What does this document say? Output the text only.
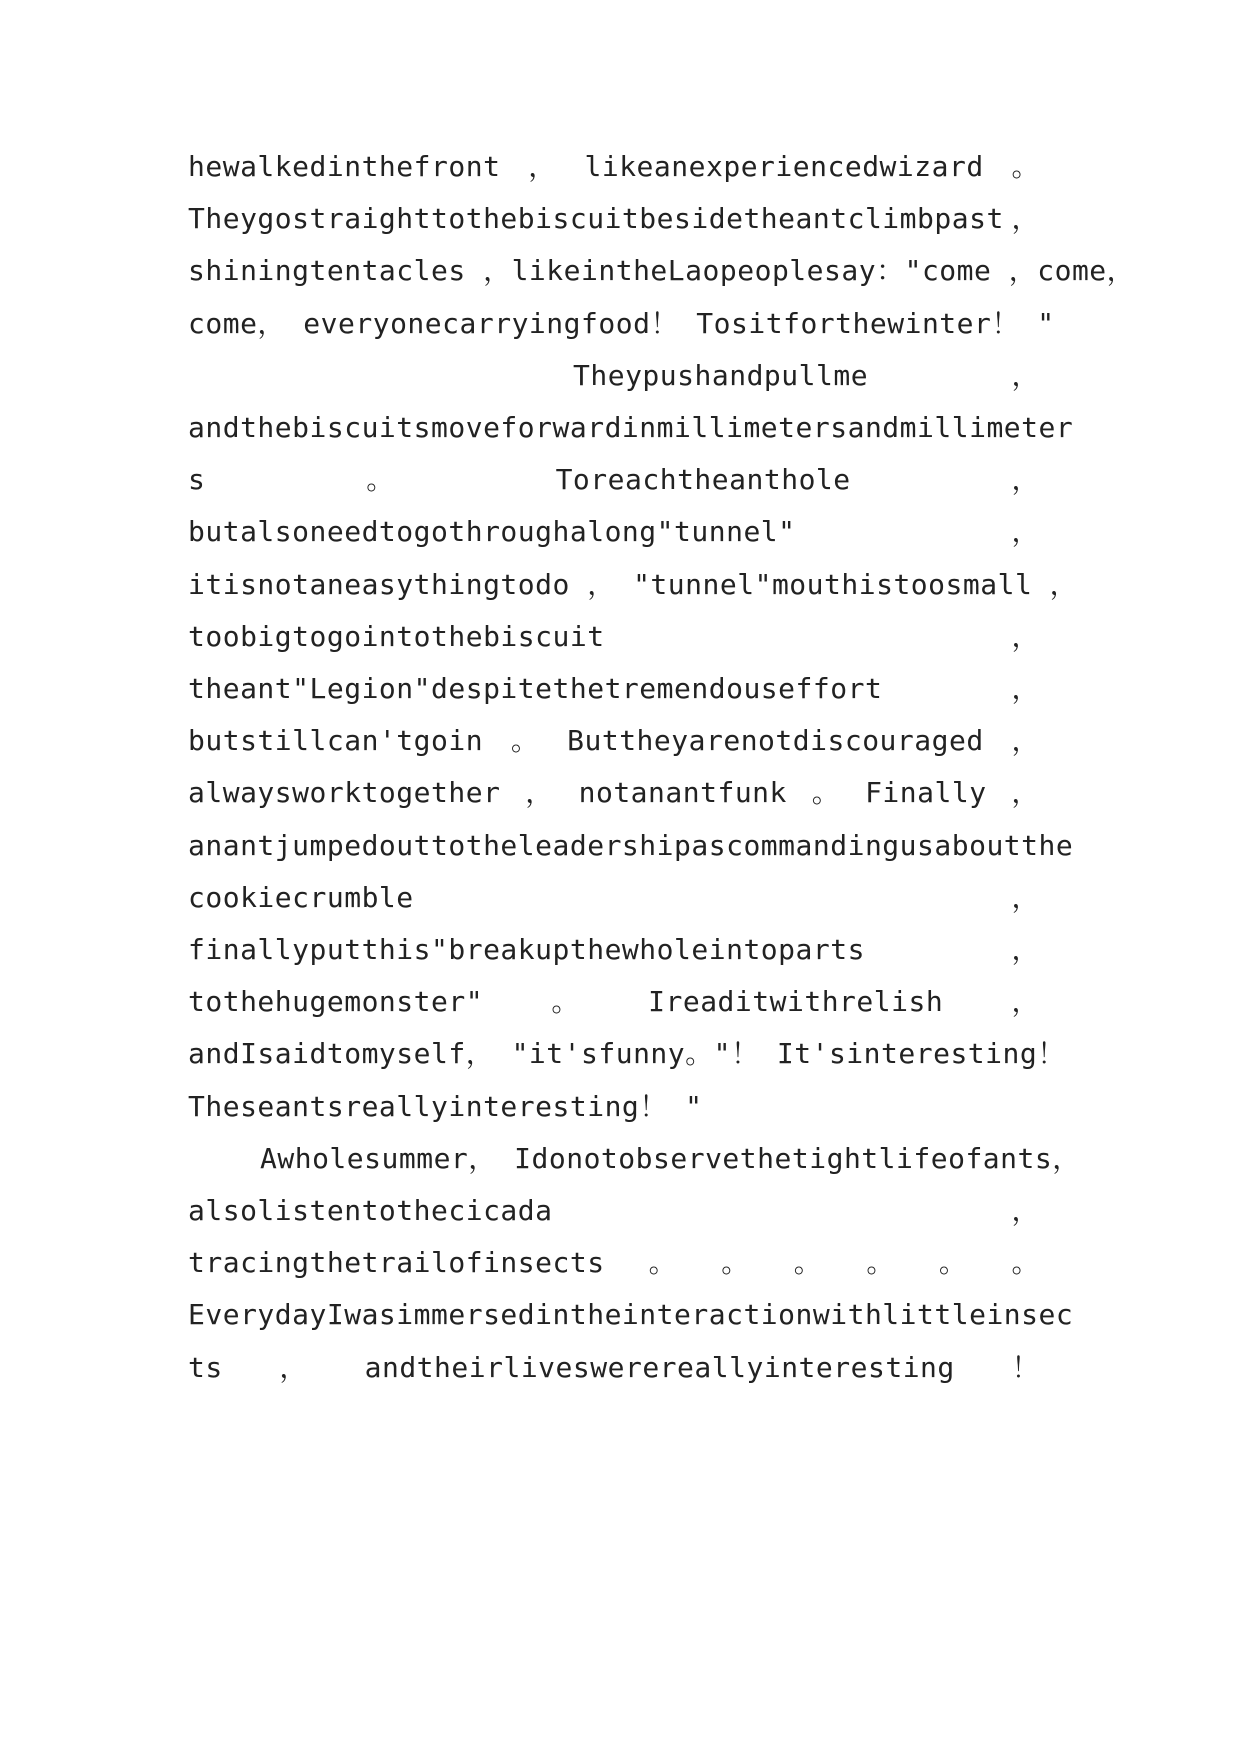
hewalkedinthefront ， likeanexperiencedwizard 。
Theygostraighttothebiscuitbesidetheantclimbpast ，
shiningtentacles ，likeintheLaopeoplesay："come ，come，
come， everyonecarryingfood！ Tositforthewinter！ "
Theypushandpullme	，
andthebiscuitsmoveforwardinmillimetersandmillimeter
s	。	Toreachtheanthole	，
butalsoneedtogothroughalong"tunnel"	，
itisnotaneasythingtodo ， "tunnel"mouthistoosmall ，
toobigtogointothebiscuit	，
theant"Legion"despitethetremendouseffort	，
butstillcan'tgoin 。 Buttheyarenotdiscouraged ，
alwaysworktogether ， notanantfunk 。 Finally ，
anantjumpedouttotheleadershipascommandingusaboutthe
cookiecrumble	，
finallyputthis"breakupthewholeintoparts	，
tothehugemonster" 。 Ireaditwithrelish ，
andIsaidtomyself， "it'sfunny。"！ It'sinteresting！
Theseantsreallyinteresting！ "
Awholesummer， Idonotobservethetightlifeofants，
alsolistentothecicada	，
tracingthetrailofinsects 。 。 。 。 。 。
EverydayIwasimmersedintheinteractionwithlittleinsec
ts ， andtheirliveswerereallyinteresting ！
